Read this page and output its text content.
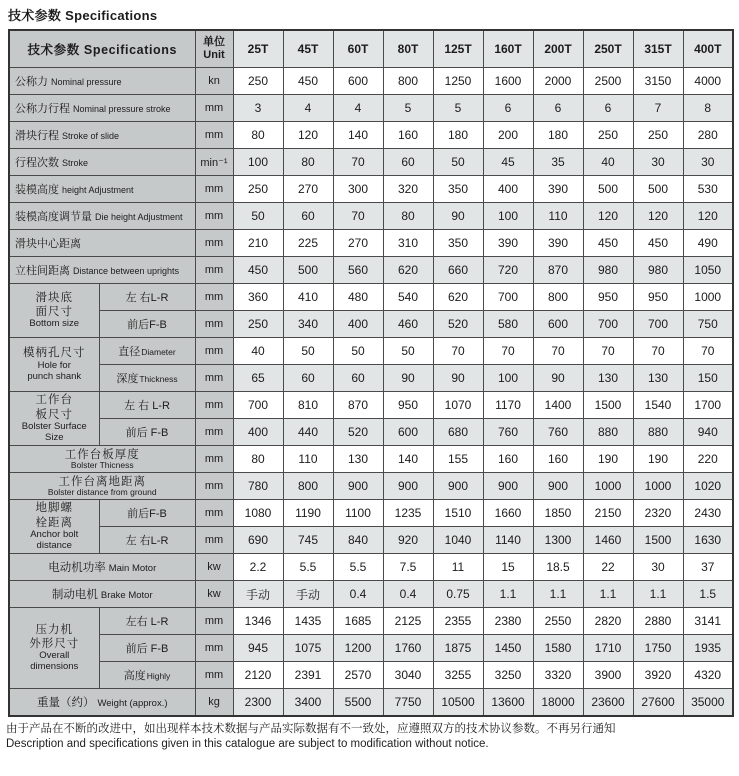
技术参数 Specifications
技术参数 Specifications		单位
Unit	25T	45T	60T	80T	125T	160T	200T	250T	315T	400T
公称力 Nominal pressure		kn	250	450	600	800	1250	1600	2000	2500	3150	4000
公称力行程 Nominal pressure stroke		mm	3	4	4	5	5	6	6	6	7	8
滑块行程 Stroke of slide		mm	80	120	140	160	180	200	180	250	250	280
行程次数 Stroke		min⁻¹	100	80	70	60	50	45	35	40	30	30
装模高度 height Adjustment		mm	250	270	300	320	350	400	390	500	500	530
装模高度调节量 Die height Adjustment		mm	50	60	70	80	90	100	110	120	120	120
滑块中心距离		mm	210	225	270	310	350	390	390	450	450	490
立柱间距离 Distance between uprights		mm	450	500	560	620	660	720	870	980	980	1050

滑块底
面尺寸
Bottom size	左 右L-R	mm	360	410	480	540	620	700	800	950	950	1000
	前后F-B	mm	250	340	400	460	520	580	600	700	700	750

模柄孔尺寸
Hole for
punch shank	直径Diameter	mm	40	50	50	50	70	70	70	70	70	70
	深度Thickness	mm	65	60	60	90	90	100	90	130	130	150

工作台
板尺寸
Bolster Surface Size	左 右 L-R	mm	700	810	870	950	1070	1170	1400	1500	1540	1700
	前后 F-B	mm	400	440	520	600	680	760	760	880	880	940

工作台板厚度
Bolster Thicness		mm	80	110	130	140	155	160	160	190	190	220

工作台离地距离
Bolster distance from ground		mm	780	800	900	900	900	900	900	1000	1000	1020

地脚螺
栓距离
Anchor bolt
distance	前后F-B	mm	1080	1190	1100	1235	1510	1660	1850	2150	2320	2430
	左 右L-R	mm	690	745	840	920	1040	1140	1300	1460	1500	1630
电动机功率 Main Motor		kw	2.2	5.5	5.5	7.5	11	15	18.5	22	30	37
制动电机 Brake Motor		kw	手动	手动	0.4	0.4	0.75	1.1	1.1	1.1	1.1	1.5

压力机
外形尺寸
Overall
dimensions	左右 L-R	mm	1346	1435	1685	2125	2355	2380	2550	2820	2880	3141
	前后 F-B	mm	945	1075	1200	1760	1875	1450	1580	1710	1750	1935
	高度Highly	mm	2120	2391	2570	3040	3255	3250	3320	3900	3920	4320
重量（约） Weight (approx.)		kg	2300	3400	5500	7750	10500	13600	18000	23600	27600	35000
由于产品在不断的改进中，如出现样本技术数据与产品实际数据有不一致处，应遵照双方的技术协议参数。不再另行通知
Description and specifications given in this catalogue are subject to modification without notice.
